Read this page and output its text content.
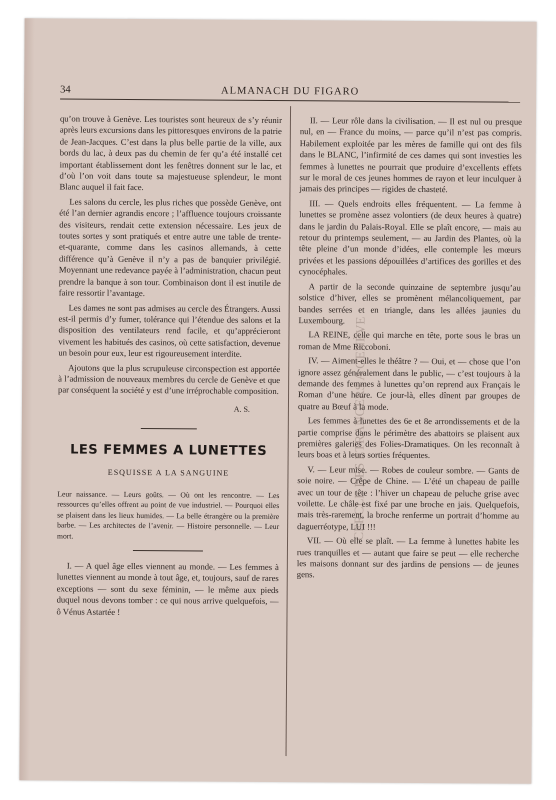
34	ALMANACH DU FIGARO

qu’on trouve à Genève. Les touristes sont heureux de s’y réunir après leurs excursions dans les pittoresques environs de la patrie de Jean-Jacques. C’est dans la plus belle partie de la ville, aux bords du lac, à deux pas du chemin de fer qu’a été installé cet important établissement dont les fenêtres donnent sur le lac, et d’où l’on voit dans toute sa majestueuse splendeur, le mont Blanc auquel il fait face.

Les salons du cercle, les plus riches que possède Genève, ont été l’an dernier agrandis encore ; l’affluence toujours croissante des visiteurs, rendait cette extension nécessaire. Les jeux de toutes sortes y sont pratiqués et entre autre une table de trente-et-quarante, comme dans les casinos allemands, à cette différence qu’à Genève il n’y a pas de banquier privilégié. Moyennant une redevance payée à l’administration, chacun peut prendre la banque à son tour. Combinaison dont il est inutile de faire ressortir l’avantage.

Les dames ne sont pas admises au cercle des Étrangers. Aussi est-il permis d’y fumer, tolérance qui l’étendue des salons et la disposition des ventilateurs rend facile, et qu’apprécieront vivement les habitués des casinos, où cette satisfaction, devenue un besoin pour eux, leur est rigoureusement interdite.

Ajoutons que la plus scrupuleuse circonspection est apportée à l’admission de nouveaux membres du cercle de Genève et que par conséquent la société y est d’une irréprochable composition.

A. S.
LES FEMMES A LUNETTES
ESQUISSE A LA SANGUINE

Leur naissance. — Leurs goûts. — Où ont les rencontre. — Les ressources qu’elles offrent au point de vue industriel. — Pourquoi elles se plaisent dans les lieux humides. — La belle étrangère ou la première barbe. — Les architectes de l’avenir. — Histoire personnelle. — Leur mort.

I. — A quel âge elles viennent au monde. — Les femmes à lunettes viennent au monde à tout âge, et, toujours, sauf de rares exceptions — sont du sexe féminin, — le même aux pieds duquel nous devons tomber : ce qui nous arrive quelquefois, — ô Vénus Astartée !

II. — Leur rôle dans la civilisation. — Il est nul ou presque nul, en — France du moins, — parce qu’il n’est pas compris. Habilement exploitée par les mères de famille qui ont des fils dans le BLANC, l’infirmité de ces dames qui sont investies les femmes à lunettes ne pourrait que produire d’excellents effets sur le moral de ces jeunes hommes de rayon et leur inculquer à jamais des principes — rigides de chasteté.

III. — Quels endroits elles fréquentent. — La femme à lunettes se promène assez volontiers (de deux heures à quatre) dans le jardin du Palais-Royal. Elle se plaît encore, — mais au retour du printemps seulement, — au Jardin des Plantes, où la tête pleine d’un monde d’idées, elle contemple les mœurs privées et les passions dépouillées d’artifices des gorilles et des cynocéphales.

A partir de la seconde quinzaine de septembre jusqu’au solstice d’hiver, elles se promènent mélancoliquement, par bandes serrées et en triangle, dans les allées jaunies du Luxembourg.

LA REINE, celle qui marche en tête, porte sous le bras un roman de Mme Riccoboni.

IV. — Aiment-elles le théâtre ? — Oui, et — chose que l’on ignore assez généralement dans le public, — c’est toujours à la demande des femmes à lunettes qu’on reprend aux Français le Roman d’une heure. Ce jour-là, elles dînent par groupes de quatre au Bœuf à la mode.

Les femmes à lunettes des 6e et 8e arrondissements et de la partie comprise dans le périmètre des abattoirs se plaisent aux premières galeries des Folies-Dramatiques. On les reconnaît à leurs boas et à leurs sorties fréquentes.

V. — Leur mise. — Robes de couleur sombre. — Gants de soie noire. — Crêpe de Chine. — L’été un chapeau de paille avec un tour de tête : l’hiver un chapeau de peluche grise avec voilette. Le châle est fixé par une broche en jais. Quelquefois, mais très-rarement, la broche renferme un portrait d’homme au daguerréotype, LUI !!!

VII. — Où elle se plaît. — La femme à lunettes habite les rues tranquilles et — autant que faire se peut — elle recherche les maisons donnant sur des jardins de pensions — de jeunes gens.

CERCLE DES ÉTRANGERS A GENÈVE
